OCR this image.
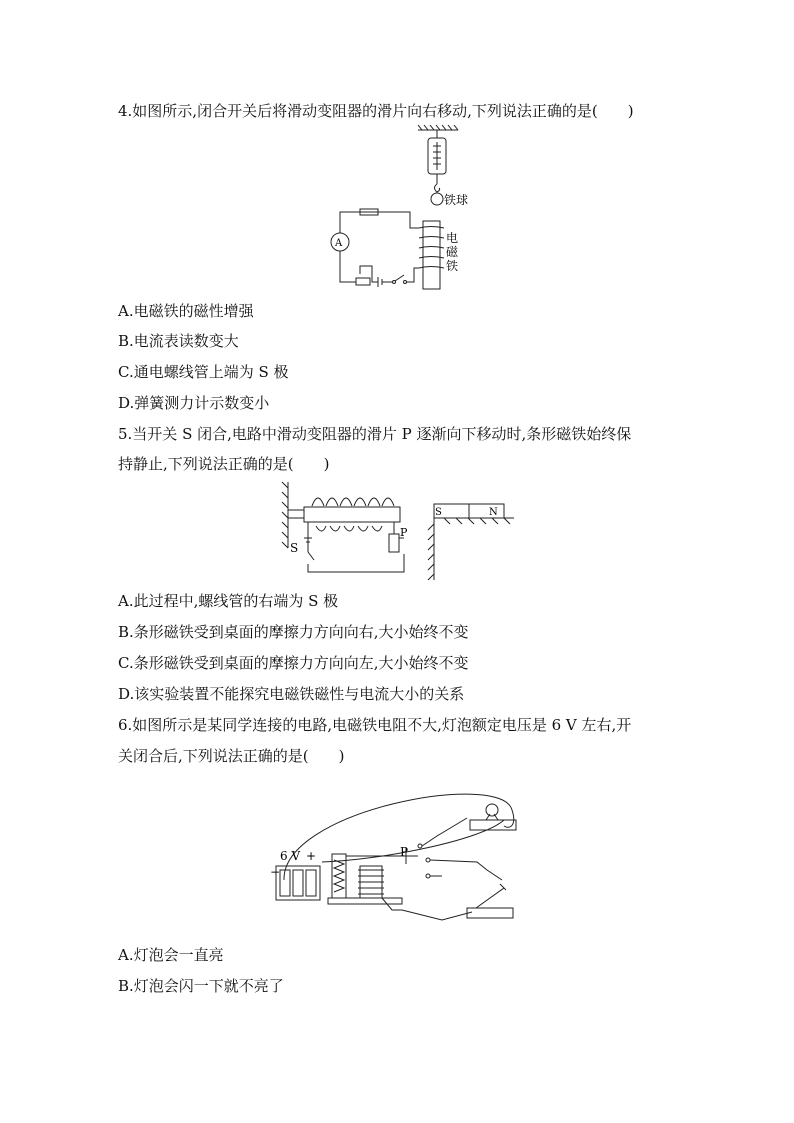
4.如图所示,闭合开关后将滑动变阻器的滑片向右移动,下列说法正确的是(　　)
铁球
A	电
磁
铁
A.电磁铁的磁性增强
B.电流表读数变大
C.通电螺线管上端为 S 极
D.弹簧测力计示数变小
5.当开关 S 闭合,电路中滑动变阻器的滑片 P 逐渐向下移动时,条形磁铁始终保
持静止,下列说法正确的是(　　)
S
P
S	N
A.此过程中,螺线管的右端为 S 极
B.条形磁铁受到桌面的摩擦力方向向右,大小始终不变
C.条形磁铁受到桌面的摩擦力方向向左,大小始终不变
D.该实验装置不能探究电磁铁磁性与电流大小的关系
6.如图所示是某同学连接的电路,电磁铁电阻不大,灯泡额定电压是 6 V 左右,开
关闭合后,下列说法正确的是(　　)
6 V +
−
P
A.灯泡会一直亮
B.灯泡会闪一下就不亮了
